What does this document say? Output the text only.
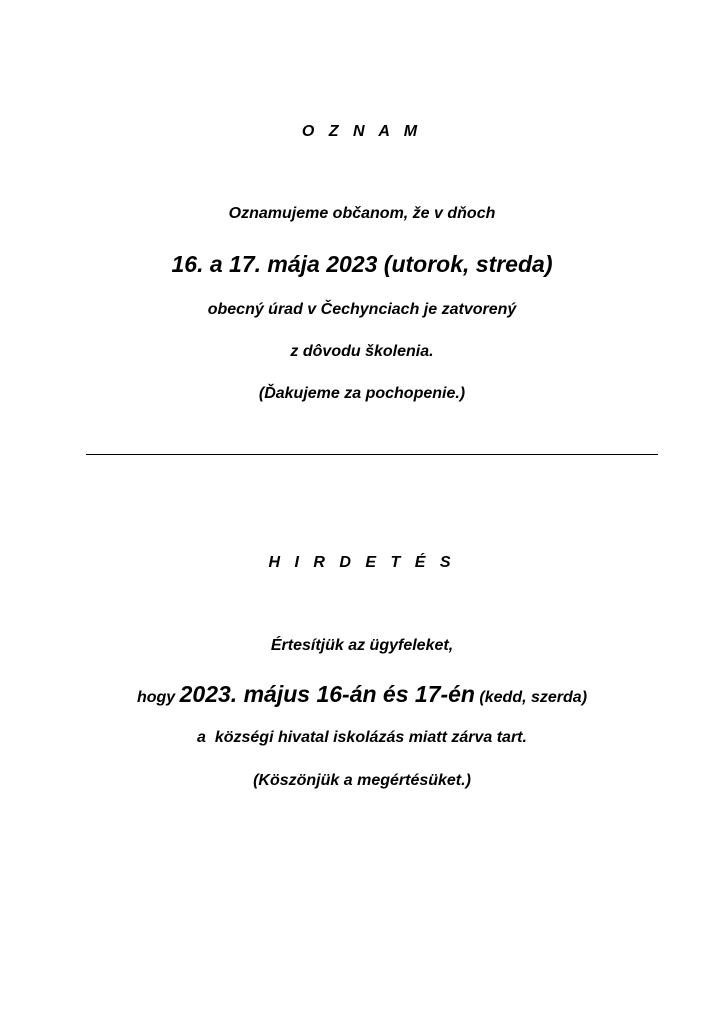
O Z N A M
Oznamujeme občanom, že v dňoch
16. a 17. mája 2023 (utorok, streda)
obecný úrad v Čechynciach je zatvorený
z dôvodu školenia.
(Ďakujeme za pochopenie.)
H I R D E T É S
Értesítjük az ügyfeleket,
hogy 2023. május 16-án és 17-én (kedd, szerda)
a  községi hivatal iskolázás miatt zárva tart.
(Köszönjük a megértésüket.)
